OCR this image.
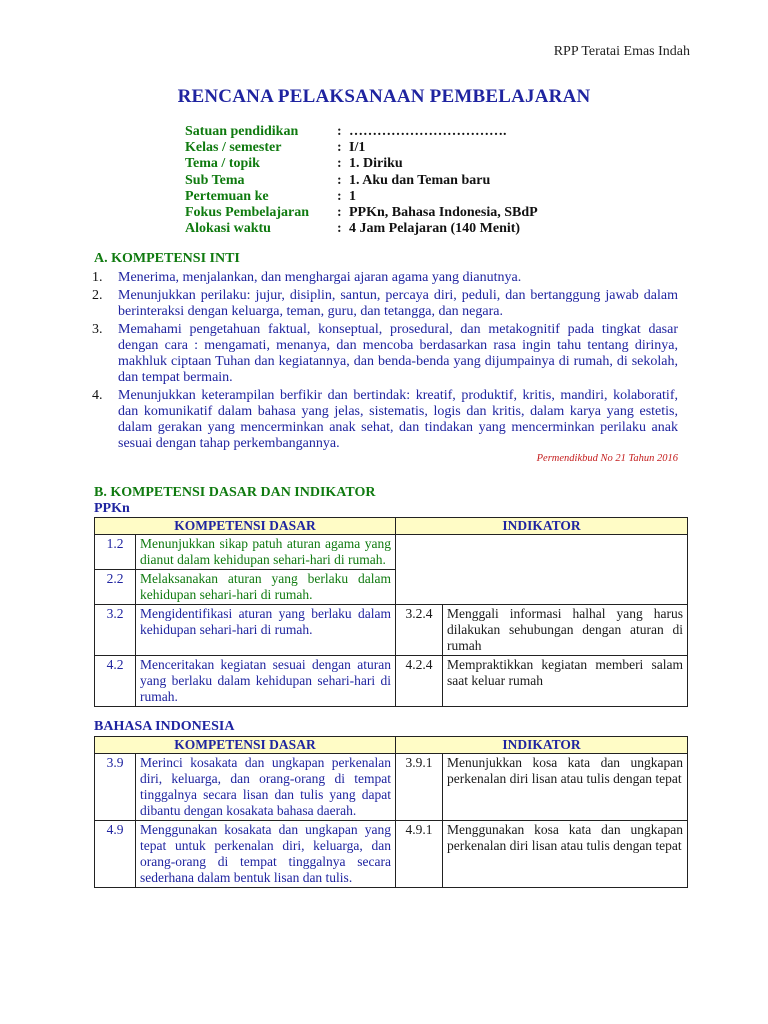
RPP Teratai Emas Indah
RENCANA PELAKSANAAN PEMBELAJARAN
Satuan pendidikan	: …………………………….
Kelas / semester	: I/1
Tema / topik	: 1. Diriku
Sub Tema	: 1. Aku dan Teman baru
Pertemuan ke	: 1
Fokus Pembelajaran	: PPKn, Bahasa Indonesia, SBdP
Alokasi waktu	: 4 Jam Pelajaran (140 Menit)
A. KOMPETENSI INTI
1.	Menerima, menjalankan, dan menghargai ajaran agama yang dianutnya.
2.	Menunjukkan perilaku: jujur, disiplin, santun, percaya diri, peduli, dan bertanggung jawab dalam berinteraksi dengan keluarga, teman, guru, dan tetangga, dan negara.
3.	Memahami pengetahuan faktual, konseptual, prosedural, dan metakognitif pada tingkat dasar dengan cara : mengamati, menanya, dan mencoba berdasarkan rasa ingin tahu tentang dirinya, makhluk ciptaan Tuhan dan kegiatannya, dan benda-benda yang dijumpainya di rumah, di sekolah, dan tempat bermain.
4.	Menunjukkan keterampilan berfikir dan bertindak: kreatif, produktif, kritis, mandiri, kolaboratif, dan komunikatif dalam bahasa yang jelas, sistematis, logis dan kritis, dalam karya yang estetis, dalam gerakan yang mencerminkan anak sehat, dan tindakan yang mencerminkan perilaku anak sesuai dengan tahap perkembangannya.
Permendikbud No 21 Tahun 2016
B. KOMPETENSI DASAR DAN INDIKATOR
PPKn
KOMPETENSI DASAR		INDIKATOR	
1.2	Menunjukkan sikap patuh aturan agama yang dianut dalam kehidupan sehari-hari di rumah.		
2.2	Melaksanakan aturan yang berlaku dalam kehidupan sehari-hari di rumah.		
3.2	Mengidentifikasi aturan yang berlaku dalam kehidupan sehari-hari di rumah.	3.2.4	Menggali informasi halhal yang harus dilakukan sehubungan dengan aturan di rumah
4.2	Menceritakan kegiatan sesuai dengan aturan yang berlaku dalam kehidupan sehari-hari di rumah.	4.2.4	Mempraktikkan kegiatan memberi salam saat keluar rumah
BAHASA INDONESIA
KOMPETENSI DASAR		INDIKATOR	
3.9	Merinci kosakata dan ungkapan perkenalan diri, keluarga, dan orang-orang di tempat tinggalnya secara lisan dan tulis yang dapat dibantu dengan kosakata bahasa daerah.	3.9.1	Menunjukkan kosa kata dan ungkapan perkenalan diri lisan atau tulis dengan tepat
4.9	Menggunakan kosakata dan ungkapan yang tepat untuk perkenalan diri, keluarga, dan orang-orang di tempat tinggalnya secara sederhana dalam bentuk lisan dan tulis.	4.9.1	Menggunakan kosa kata dan ungkapan perkenalan diri lisan atau tulis dengan tepat
